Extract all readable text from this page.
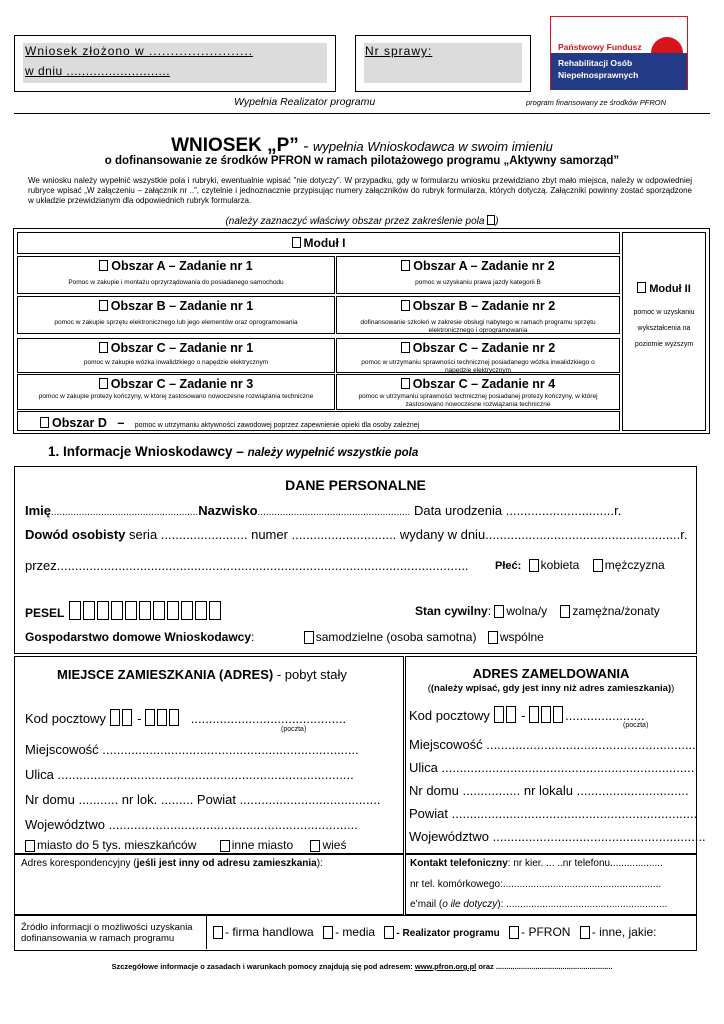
Wniosek złożono w ........................
w dniu ...........................
Nr sprawy:	Państwowy Fundusz
Rehabilitacji Osób
Niepełnosprawnych
Wypełnia Realizator programu	program finansowany ze środków PFRON
WNIOSEK „P” - wypełnia Wnioskodawca w swoim imieniu
o dofinansowanie ze środków PFRON w ramach pilotażowego programu „Aktywny samorząd”
We wniosku należy wypełnić wszystkie pola i rubryki, ewentualnie wpisać "nie dotyczy". W przypadku, gdy w formularzu wniosku przewidziano zbyt mało miejsca, należy w odpowiedniej rubryce wpisać „W załączeniu – załącznik nr ..”, czytelnie i jednoznacznie przypisując numery załączników do rubryk formularza, których dotyczą. Załączniki powinny zostać sporządzone w układzie przewidzianym dla odpowiednich rubryk formularza.
(należy zaznaczyć właściwy obszar przez zakreślenie pola )
Moduł I
Obszar A – Zadanie nr 1
Pomoc w zakupie i montażu oprzyrządowania do posiadanego samochodu
Obszar A – Zadanie nr 2
pomoc w uzyskaniu prawa jazdy kategorii B
Obszar B – Zadanie nr 1
pomoc w zakupie sprzętu elektronicznego lub jego elementów oraz oprogramowania
Obszar B – Zadanie nr 2
dofinansowanie szkoleń w zakresie obsługi nabytego w ramach programu sprzętu elektronicznego i oprogramowania
Obszar C – Zadanie nr 1
pomoc w zakupie wózka inwalidzkiego o napędzie elektrycznym
Obszar C – Zadanie nr 2
pomoc w utrzymaniu sprawności technicznej posiadanego wózka inwalidzkiego o napędzie elektrycznym
Obszar C – Zadanie nr 3
pomoc w zakupie protezy kończyny, w której zastosowano nowoczesne rozwiązania techniczne
Obszar C – Zadanie nr 4
pomoc w utrzymaniu sprawności technicznej posiadanej protezy kończyny, w której zastosowano nowoczesne rozwiązania techniczne
Obszar D – pomoc w utrzymaniu aktywności zawodowej poprzez zapewnienie opieki dla osoby zależnej
Moduł II
pomoc w uzyskaniu
wykształcenia na
poziomie wyższym
1. Informacje Wnioskodawcy – należy wypełnić wszystkie pola
DANE PERSONALNE
Imię.....................................................Nazwisko....................................................... Data urodzenia ..............................r.
Dowód osobisty seria ........................ numer ............................. wydany w dniu......................................................r.
przez.................................................................................................................. Płeć: kobieta mężczyzna
PESEL	Stan cywilny: wolna/y zamężna/żonaty
Gospodarstwo domowe Wnioskodawcy:	samodzielne (osoba samotna) wspólne
MIEJSCE ZAMIESZKANIA (ADRES) - pobyt stały
Kod pocztowy  -	...........................................
(poczta)
Miejscowość .......................................................................
Ulica ..................................................................................
Nr domu ........... nr lok. ......... Powiat .......................................
Województwo .....................................................................
miasto do 5 tys. mieszkańców	inne miasto wieś
ADRES ZAMELDOWANIA
((należy wpisać, gdy jest inny niż adres zamieszkania))
Kod pocztowy  -	......................
(poczta)
Miejscowość ..........................................................
Ulica ......................................................................
Nr domu ................ nr lokalu ...............................
Powiat ....................................................................
Województwo ...........................................................
Adres korespondencyjny (jeśli jest inny od adresu zamieszkania):	Kontakt telefoniczny: nr kier. ... ..nr telefonu...................
nr tel. komórkowego:.........................................................
e’mail (o ile dotyczy): ..........................................................
Źródło informacji o możliwości uzyskania dofinansowania w ramach programu	- firma handlowa - media - Realizator programu - PFRON - inne, jakie:
Szczegółowe informacje o zasadach i warunkach pomocy znajdują się pod adresem: www.pfron.org.pl oraz ........................................................
